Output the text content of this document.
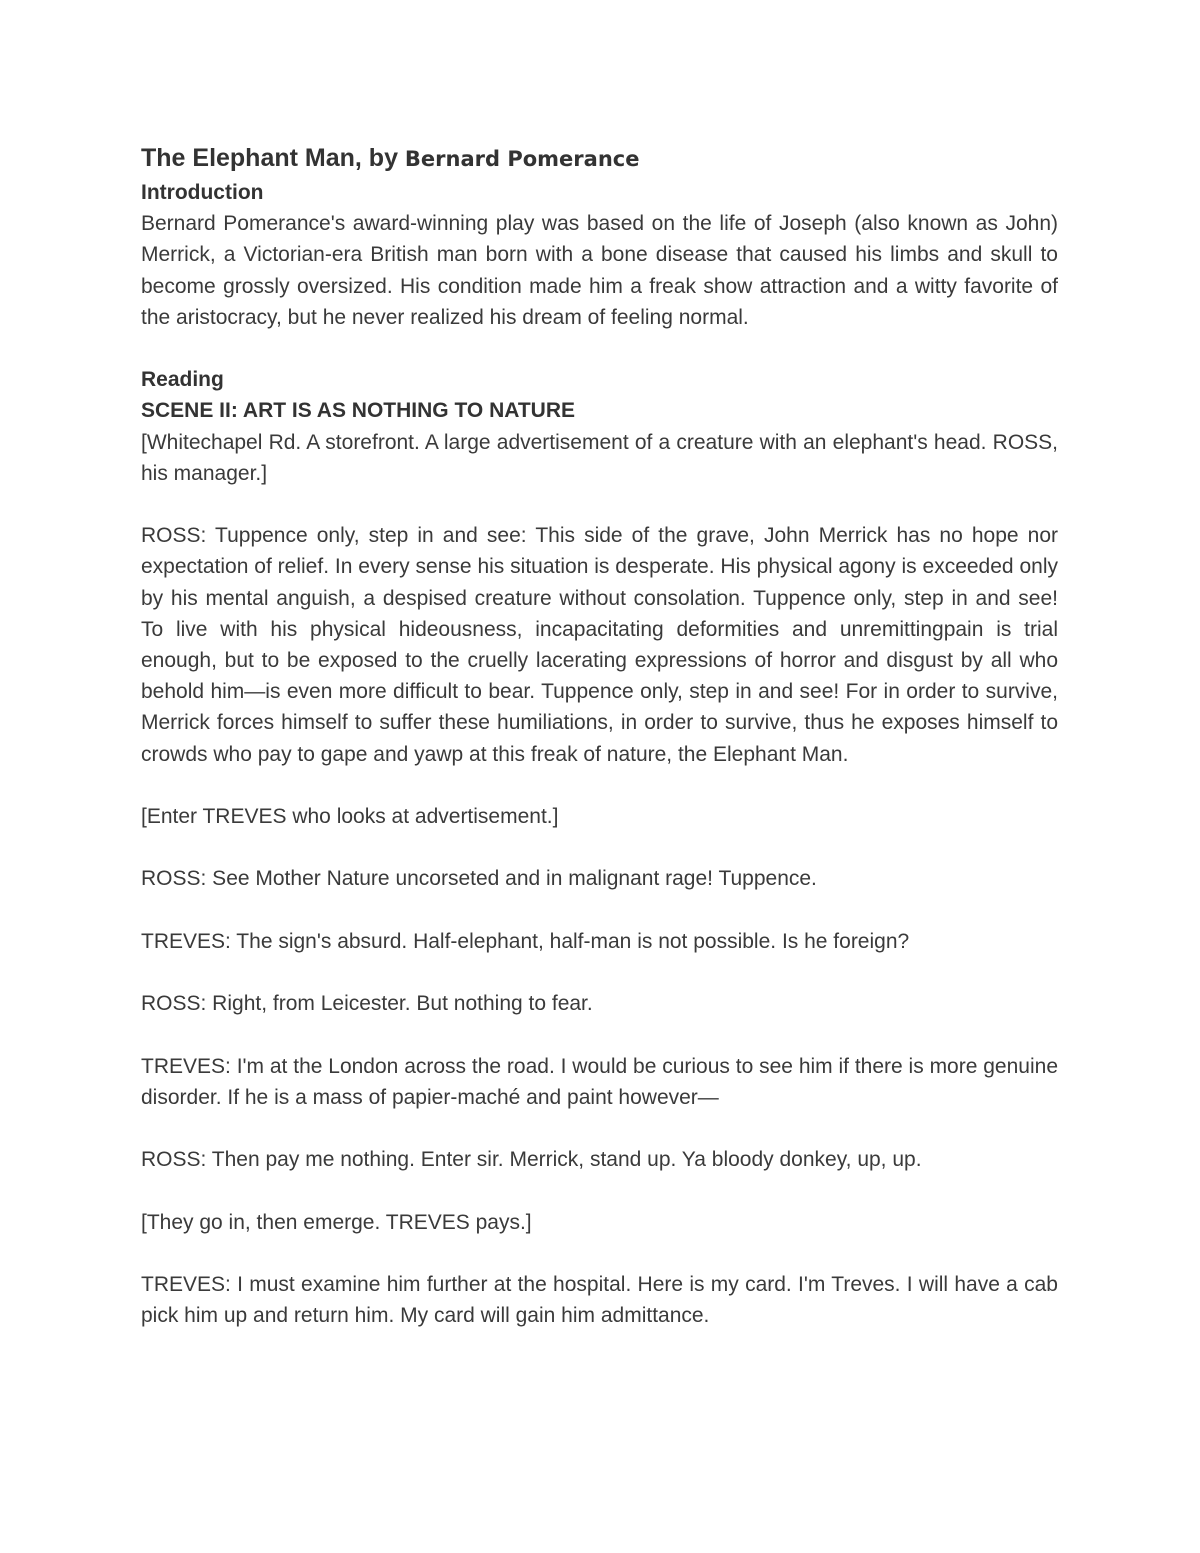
The Elephant Man, by Bernard Pomerance
Introduction

Bernard Pomerance's award-winning play was based on the life of Joseph (also known as John) Merrick, a Victorian-era British man born with a bone disease that caused his limbs and skull to become grossly oversized. His condition made him a freak show attraction and a witty favorite of the aristocracy, but he never realized his dream of feeling normal.

Reading
SCENE II: ART IS AS NOTHING TO NATURE

[Whitechapel Rd. A storefront. A large advertisement of a creature with an elephant's head. ROSS, his manager.]

ROSS: Tuppence only, step in and see: This side of the grave, John Merrick has no hope nor expectation of relief. In every sense his situation is desperate. His physical agony is exceeded only by his mental anguish, a despised creature without consolation. Tuppence only, step in and see! To live with his physical hideousness, incapacitating deformities and unremittingpain is trial enough, but to be exposed to the cruelly lacerating expressions of horror and disgust by all who behold him—is even more difficult to bear. Tuppence only, step in and see! For in order to survive, Merrick forces himself to suffer these humiliations, in order to survive, thus he exposes himself to crowds who pay to gape and yawp at this freak of nature, the Elephant Man.

[Enter TREVES who looks at advertisement.]

ROSS: See Mother Nature uncorseted and in malignant rage! Tuppence.

TREVES: The sign's absurd. Half-elephant, half-man is not possible. Is he foreign?

ROSS: Right, from Leicester. But nothing to fear.

TREVES: I'm at the London across the road. I would be curious to see him if there is more genuine disorder. If he is a mass of papier-maché and paint however—

ROSS: Then pay me nothing. Enter sir. Merrick, stand up. Ya bloody donkey, up, up.

[They go in, then emerge. TREVES pays.]

TREVES: I must examine him further at the hospital. Here is my card. I'm Treves. I will have a cab pick him up and return him. My card will gain him admittance.
